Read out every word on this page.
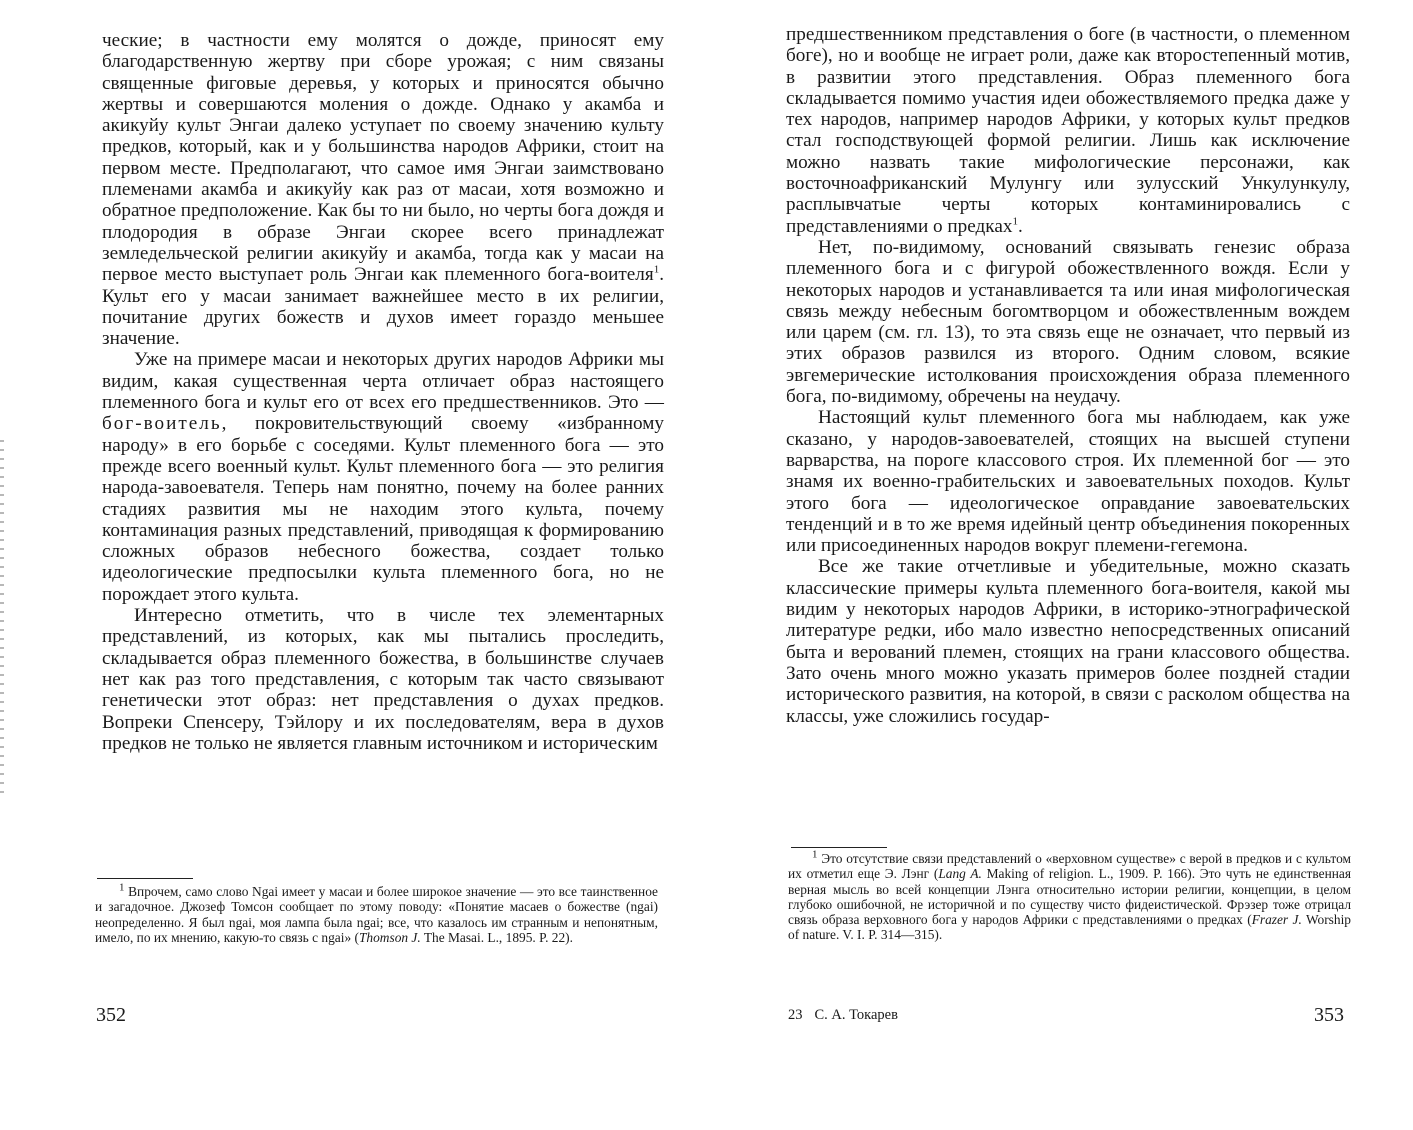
ческие; в частности ему молятся о дожде, приносят ему благодарственную жертву при сборе урожая; с ним связаны священные фиговые деревья, у которых и приносятся обычно жертвы и совершаются моления о дожде. Однако у акамба и акикуйу культ Энгаи далеко уступает по своему значению культу предков, который, как и у большинства народов Африки, стоит на первом месте. Предполагают, что самое имя Энгаи заимствовано племенами акамба и акикуйу как раз от масаи, хотя возможно и обратное предположение. Как бы то ни было, но черты бога дождя и плодородия в образе Энгаи скорее всего принадлежат земледельческой религии акикуйу и акамба, тогда как у масаи на первое место выступает роль Энгаи как племенного бога-воителя$^1$. Культ его у масаи занимает важнейшее место в их религии, почитание других божеств и духов имеет гораздо меньшее значение.

Уже на примере масаи и некоторых других народов Африки мы видим, какая существенная черта отличает образ настоящего племенного бога и культ его от всех его предшественников. Это — бог-воитель, покровительствующий своему «избранному народу» в его борьбе с соседями. Культ племенного бога — это прежде всего военный культ. Культ племенного бога — это религия народа-завоевателя. Теперь нам понятно, почему на более ранних стадиях развития мы не находим этого культа, почему контаминация разных представлений, приводящая к формированию сложных образов небесного божества, создает только идеологические предпосылки культа племенного бога, но не порождает этого культа.

Интересно отметить, что в числе тех элементарных представлений, из которых, как мы пытались проследить, складывается образ племенного божества, в большинстве случаев нет как раз того представления, с которым так часто связывают генетически этот образ: нет представления о духах предков. Вопреки Спенсеру, Тэйлору и их последователям, вера в духов предков не только не является главным источником и историческим

$^1$ Впрочем, само слово Ngai имеет у масаи и более широкое значение — это все таинственное и загадочное. Джозеф Томсон сообщает по этому поводу: «Понятие масаев о божестве (ngai) неопределенно. Я был ngai, моя лампа была ngai; все, что казалось им странным и непонятным, имело, по их мнению, какую-то связь с ngai» (Thomson J. The Masai. L., 1895. P. 22).

352

предшественником представления о боге (в частности, о племенном боге), но и вообще не играет роли, даже как второстепенный мотив, в развитии этого представления. Образ племенного бога складывается помимо участия идеи обожествляемого предка даже у тех народов, например народов Африки, у которых культ предков стал господствующей формой религии. Лишь как исключение можно назвать такие мифологические персонажи, как восточноафриканский Мулунгу или зулусский Ункулункулу, расплывчатые черты которых контаминировались с представлениями о предках$^1$.

Нет, по-видимому, оснований связывать генезис образа племенного бога и с фигурой обожествленного вождя. Если у некоторых народов и устанавливается та или иная мифологическая связь между небесным богомтворцом и обожествленным вождем или царем (см. гл. 13), то эта связь еще не означает, что первый из этих образов развился из второго. Одним словом, всякие эвгемерические истолкования происхождения образа племенного бога, по-видимому, обречены на неудачу.

Настоящий культ племенного бога мы наблюдаем, как уже сказано, у народов-завоевателей, стоящих на высшей ступени варварства, на пороге классового строя. Их племенной бог — это знамя их военно-грабительских и завоевательных походов. Культ этого бога — идеологическое оправдание завоевательских тенденций и в то же время идейный центр объединения покоренных или присоединенных народов вокруг племени-гегемона.

Все же такие отчетливые и убедительные, можно сказать классические примеры культа племенного бога-воителя, какой мы видим у некоторых народов Африки, в историко-этнографической литературе редки, ибо мало известно непосредственных описаний быта и верований племен, стоящих на грани классового общества. Зато очень много можно указать примеров более поздней стадии исторического развития, на которой, в связи с расколом общества на классы, уже сложились государ-

$^1$ Это отсутствие связи представлений о «верховном существе» с верой в предков и с культом их отметил еще Э. Лэнг (Lang A. Making of religion. L., 1909. P. 166). Это чуть не единственная верная мысль во всей концепции Лэнга относительно истории религии, концепции, в целом глубоко ошибочной, не историчной и по существу чисто фидеистической. Фрэзер тоже отрицал связь образа верховного бога у народов Африки с представлениями о предках (Frazer J. Worship of nature. V. I. P. 314—315).

23 С. А. Токарев	353
